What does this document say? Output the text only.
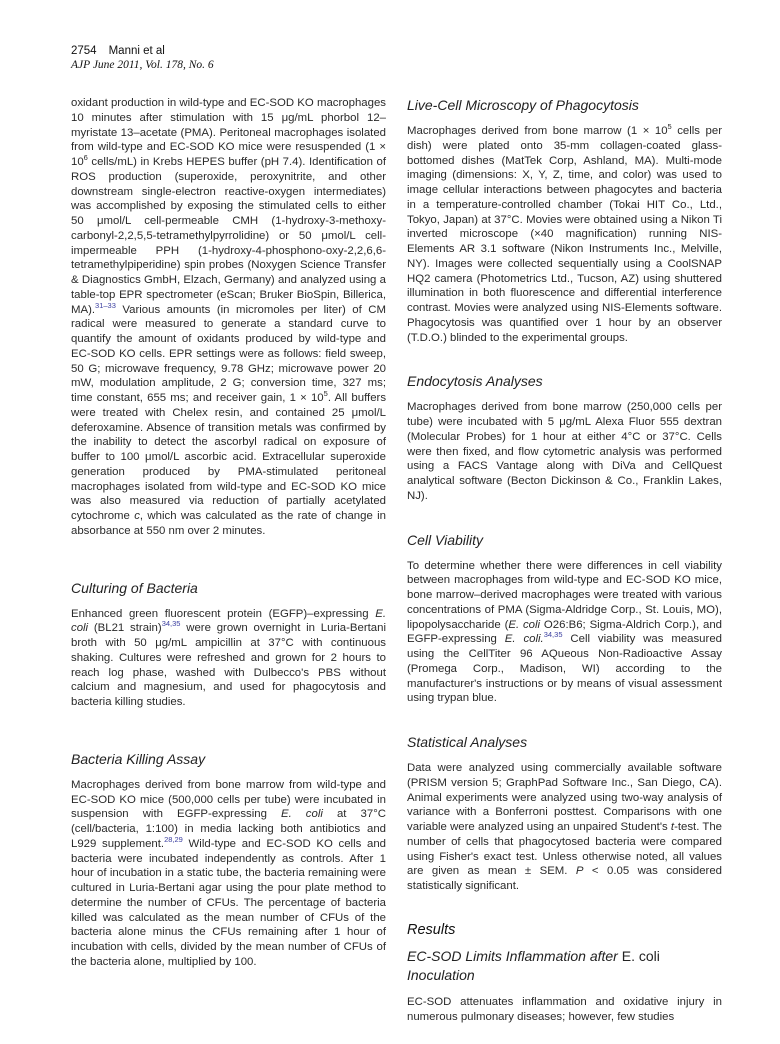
2754 Manni et al
AJP June 2011, Vol. 178, No. 6

oxidant production in wild-type and EC-SOD KO macrophages 10 minutes after stimulation with 15 μg/mL phorbol 12–myristate 13–acetate (PMA). Peritoneal macrophages isolated from wild-type and EC-SOD KO mice were resuspended ($1 \times 10^6$ cells/mL) in Krebs HEPES buffer (pH 7.4). Identification of ROS production (superoxide, peroxynitrite, and other downstream single-electron reactive-oxygen intermediates) was accomplished by exposing the stimulated cells to either 50 μmol/L cell-permeable CMH (1-hydroxy-3-methoxy-carbonyl-2,2,5,5-tetramethylpyrrolidine) or 50 μmol/L cell-impermeable PPH (1-hydroxy-4-phosphono-oxy-2,2,6,6-tetramethylpiperidine) spin probes (Noxygen Science Transfer & Diagnostics GmbH, Elzach, Germany) and analyzed using a table-top EPR spectrometer (eScan; Bruker BioSpin, Billerica, MA).$^{31-33}$ Various amounts (in micromoles per liter) of CM radical were measured to generate a standard curve to quantify the amount of oxidants produced by wild-type and EC-SOD KO cells. EPR settings were as follows: field sweep, 50 G; microwave frequency, 9.78 GHz; microwave power 20 mW, modulation amplitude, 2 G; conversion time, 327 ms; time constant, 655 ms; and receiver gain, $1 \times 10^5$. All buffers were treated with Chelex resin, and contained 25 μmol/L deferoxamine. Absence of transition metals was confirmed by the inability to detect the ascorbyl radical on exposure of buffer to 100 μmol/L ascorbic acid. Extracellular superoxide generation produced by PMA-stimulated peritoneal macrophages isolated from wild-type and EC-SOD KO mice was also measured via reduction of partially acetylated cytochrome c, which was calculated as the rate of change in absorbance at 550 nm over 2 minutes.

Culturing of Bacteria

Enhanced green fluorescent protein (EGFP)–expressing E. coli (BL21 strain)$^{34,35}$ were grown overnight in Luria-Bertani broth with 50 μg/mL ampicillin at 37°C with continuous shaking. Cultures were refreshed and grown for 2 hours to reach log phase, washed with Dulbecco's PBS without calcium and magnesium, and used for phagocytosis and bacteria killing studies.

Bacteria Killing Assay

Macrophages derived from bone marrow from wild-type and EC-SOD KO mice (500,000 cells per tube) were incubated in suspension with EGFP-expressing E. coli at 37°C (cell/bacteria, 1:100) in media lacking both antibiotics and L929 supplement.$^{28,29}$ Wild-type and EC-SOD KO cells and bacteria were incubated independently as controls. After 1 hour of incubation in a static tube, the bacteria remaining were cultured in Luria-Bertani agar using the pour plate method to determine the number of CFUs. The percentage of bacteria killed was calculated as the mean number of CFUs of the bacteria alone minus the CFUs remaining after 1 hour of incubation with cells, divided by the mean number of CFUs of the bacteria alone, multiplied by 100.

Live-Cell Microscopy of Phagocytosis

Macrophages derived from bone marrow ($1 \times 10^5$ cells per dish) were plated onto 35-mm collagen-coated glass-bottomed dishes (MatTek Corp, Ashland, MA). Multi-mode imaging (dimensions: X, Y, Z, time, and color) was used to image cellular interactions between phagocytes and bacteria in a temperature-controlled chamber (Tokai HIT Co., Ltd., Tokyo, Japan) at 37°C. Movies were obtained using a Nikon Ti inverted microscope (×40 magnification) running NIS-Elements AR 3.1 software (Nikon Instruments Inc., Melville, NY). Images were collected sequentially using a CoolSNAP HQ2 camera (Photometrics Ltd., Tucson, AZ) using shuttered illumination in both fluorescence and differential interference contrast. Movies were analyzed using NIS-Elements software. Phagocytosis was quantified over 1 hour by an observer (T.D.O.) blinded to the experimental groups.

Endocytosis Analyses

Macrophages derived from bone marrow (250,000 cells per tube) were incubated with 5 μg/mL Alexa Fluor 555 dextran (Molecular Probes) for 1 hour at either 4°C or 37°C. Cells were then fixed, and flow cytometric analysis was performed using a FACS Vantage along with DiVa and CellQuest analytical software (Becton Dickinson & Co., Franklin Lakes, NJ).

Cell Viability

To determine whether there were differences in cell viability between macrophages from wild-type and EC-SOD KO mice, bone marrow–derived macrophages were treated with various concentrations of PMA (Sigma-Aldridge Corp., St. Louis, MO), lipopolysaccharide (E. coli O26:B6; Sigma-Aldrich Corp.), and EGFP-expressing E. coli.$^{34,35}$ Cell viability was measured using the CellTiter 96 AQueous Non-Radioactive Assay (Promega Corp., Madison, WI) according to the manufacturer's instructions or by means of visual assessment using trypan blue.

Statistical Analyses

Data were analyzed using commercially available software (PRISM version 5; GraphPad Software Inc., San Diego, CA). Animal experiments were analyzed using two-way analysis of variance with a Bonferroni posttest. Comparisons with one variable were analyzed using an unpaired Student's t-test. The number of cells that phagocytosed bacteria were compared using Fisher's exact test. Unless otherwise noted, all values are given as mean ± SEM. P < 0.05 was considered statistically significant.

Results
EC-SOD Limits Inflammation after E. coli
Inoculation

EC-SOD attenuates inflammation and oxidative injury in numerous pulmonary diseases; however, few studies
